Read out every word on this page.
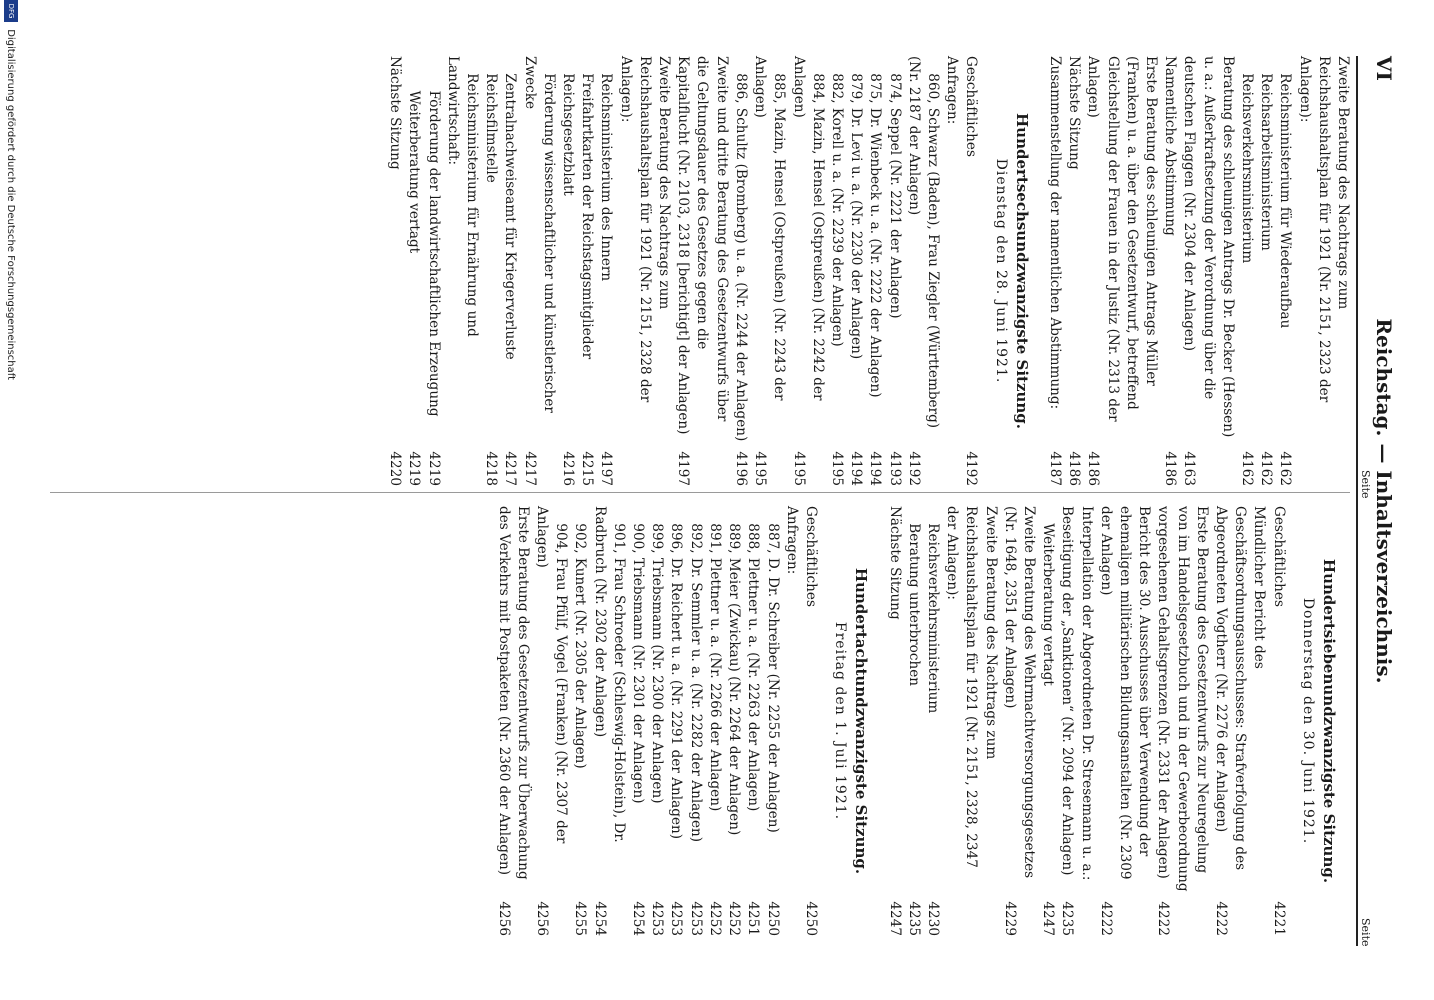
VI
Reichstag. — Inhaltsverzeichnis.
Seite
Seite
Zweite Beratung des Nachtrags zum Reichshaushaltsplan für 1921 (Nr. 2151, 2323 der Anlagen):
Reichsministerium für Wiederaufbau
4162
Reichsarbeitsministerium
4162
Reichsverkehrsministerium
4162
Beratung des schleunigen Antrags Dr. Becker (Hessen) u. a.: Außerkraftsetzung der Verordnung über die deutschen Flaggen (Nr. 2304 der Anlagen)
4163
Namentliche Abstimmung
4186
Erste Beratung des schleunigen Antrags Müller (Franken) u. a. über den Gesetzentwurf, betreffend Gleichstellung der Frauen in der Justiz (Nr. 2313 der Anlagen)
4186
Nächste Sitzung
4186
Zusammenstellung der namentlichen Abstimmung:
4187
Hundertsechsundzwanzigste Sitzung.
Dienstag den 28. Juni 1921.
Geschäftliches
4192
Anfragen:
860, Schwarz (Baden), Frau Ziegler (Württemberg) (Nr. 2187 der Anlagen)
4192
874, Seppel (Nr. 2221 der Anlagen)
4193
875, Dr. Wienbeck u. a. (Nr. 2222 der Anlagen)
4194
879, Dr. Levi u. a. (Nr. 2230 der Anlagen)
4194
882, Korell u. a. (Nr. 2239 der Anlagen)
4195
884, Mazin, Hensel (Ostpreußen) (Nr. 2242 der Anlagen)
4195
885, Mazin, Hensel (Ostpreußen) (Nr. 2243 der Anlagen)
4195
886, Schultz (Bromberg) u. a. (Nr. 2244 der Anlagen)
4196
Zweite und dritte Beratung des Gesetzentwurfs über die Geltungsdauer des Gesetzes gegen die Kapitalflucht (Nr. 2103, 2318 [berichtigt] der Anlagen)
4197
Zweite Beratung des Nachtrags zum Reichshaushaltsplan für 1921 (Nr. 2151, 2328 der Anlagen):
Reichsministerium des Innern
4197
Freifahrtkarten der Reichstagsmitglieder
4215
Reichsgesetzblatt
4216
Förderung wissenschaftlicher und künstlerischer Zwecke
4217
Zentralnachweiseamt für Kriegerverluste
4217
Reichsfilmstelle
4218
Reichsministerium für Ernährung und Landwirtschaft:
Förderung der landwirtschaftlichen Erzeugung
4219
Weiterberatung vertagt
4219
Nächste Sitzung
4220
Hundertsiebenundzwanzigste Sitzung.
Donnerstag den 30. Juni 1921.
Geschäftliches
4221
Mündlicher Bericht des Geschäftsordnungsausschusses: Strafverfolgung des Abgeordneten Vogtherr (Nr. 2276 der Anlagen)
4222
Erste Beratung des Gesetzentwurfs zur Neuregelung von im Handelsgesetzbuch und in der Gewerbeordnung vorgesehenen Gehaltsgrenzen (Nr. 2331 der Anlagen)
4222
Bericht des 30. Ausschusses über Verwendung der ehemaligen militärischen Bildungsanstalten (Nr. 2309 der Anlagen)
4222
Interpellation der Abgeordneten Dr. Stresemann u. a.: Beseitigung der „Sanktionen“ (Nr. 2094 der Anlagen)
4235
Weiterberatung vertagt
4247
Zweite Beratung des Wehrmachtversorgungsgesetzes (Nr. 1648, 2351 der Anlagen)
4229
Zweite Beratung des Nachtrags zum Reichshaushaltsplan für 1921 (Nr. 2151, 2328, 2347 der Anlagen):
Reichsverkehrsministerium
4230
Beratung unterbrochen
4235
Nächste Sitzung
4247
Hundertachtundzwanzigste Sitzung.
Freitag den 1. Juli 1921.
Geschäftliches
4250
Anfragen:
887, D. Dr. Schreiber (Nr. 2255 der Anlagen)
4250
888, Plettner u. a. (Nr. 2263 der Anlagen)
4251
889, Meier (Zwickau) (Nr. 2264 der Anlagen)
4252
891, Plettner u. a. (Nr. 2266 der Anlagen)
4252
892, Dr. Semmler u. a. (Nr. 2282 der Anlagen)
4253
896, Dr. Reichert u. a. (Nr. 2291 der Anlagen)
4253
899, Triebsmann (Nr. 2300 der Anlagen)
4253
900, Triebsmann (Nr. 2301 der Anlagen)
4254
901, Frau Schroeder (Schleswig-Holstein), Dr. Radbruch (Nr. 2302 der Anlagen)
4254
902, Kunert (Nr. 2305 der Anlagen)
4255
904, Frau Pfülf, Vogel (Franken) (Nr. 2307 der Anlagen)
4256
Erste Beratung des Gesetzentwurfs zur Überwachung des Verkehrs mit Postpaketen (Nr. 2360 der Anlagen)
4256
DFG Digitalisierung gefördert durch die Deutsche Forschungsgemeinschaft
